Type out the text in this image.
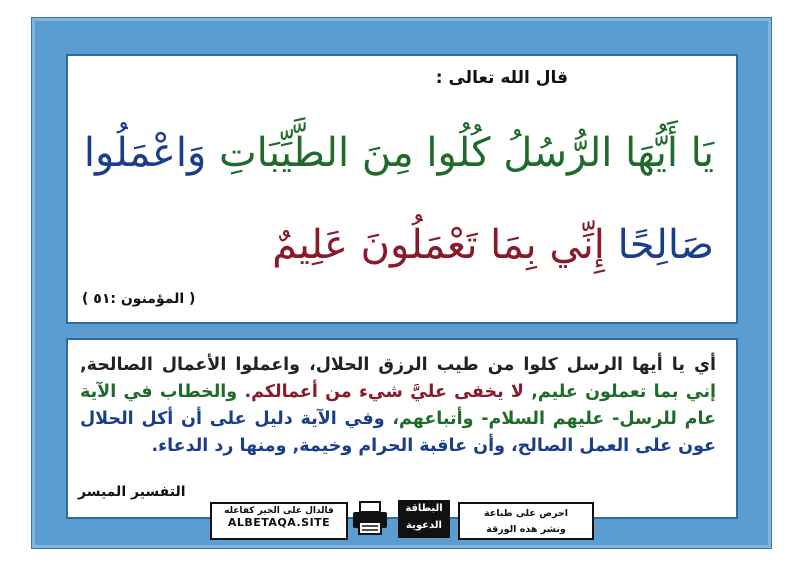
قال الله تعالى :
يَا أَيُّهَا الرُّسُلُ كُلُوا مِنَ الطَّيِّبَاتِ وَاعْمَلُوا
صَالِحًا إِنِّي بِمَا تَعْمَلُونَ عَلِيمٌ
( المؤمنون :٥١ )
أي يا أيها الرسل كلوا من طيب الرزق الحلال، واعملوا الأعمال الصالحة, إني بما تعملون عليم, لا يخفى عليَّ شيء من أعمالكم. والخطاب في الآية عام للرسل- عليهم السلام- وأتباعهم، وفي الآية دليل على أن أكل الحلال عون على العمل الصالح، وأن عاقبة الحرام وخيمة, ومنها رد الدعاء.
التفسير الميسر
فالدال على الخير كفاعله
ALBETAQA.SITE
البطاقة الدعوية
احرص على طباعة
ونشر هذه الورقة
